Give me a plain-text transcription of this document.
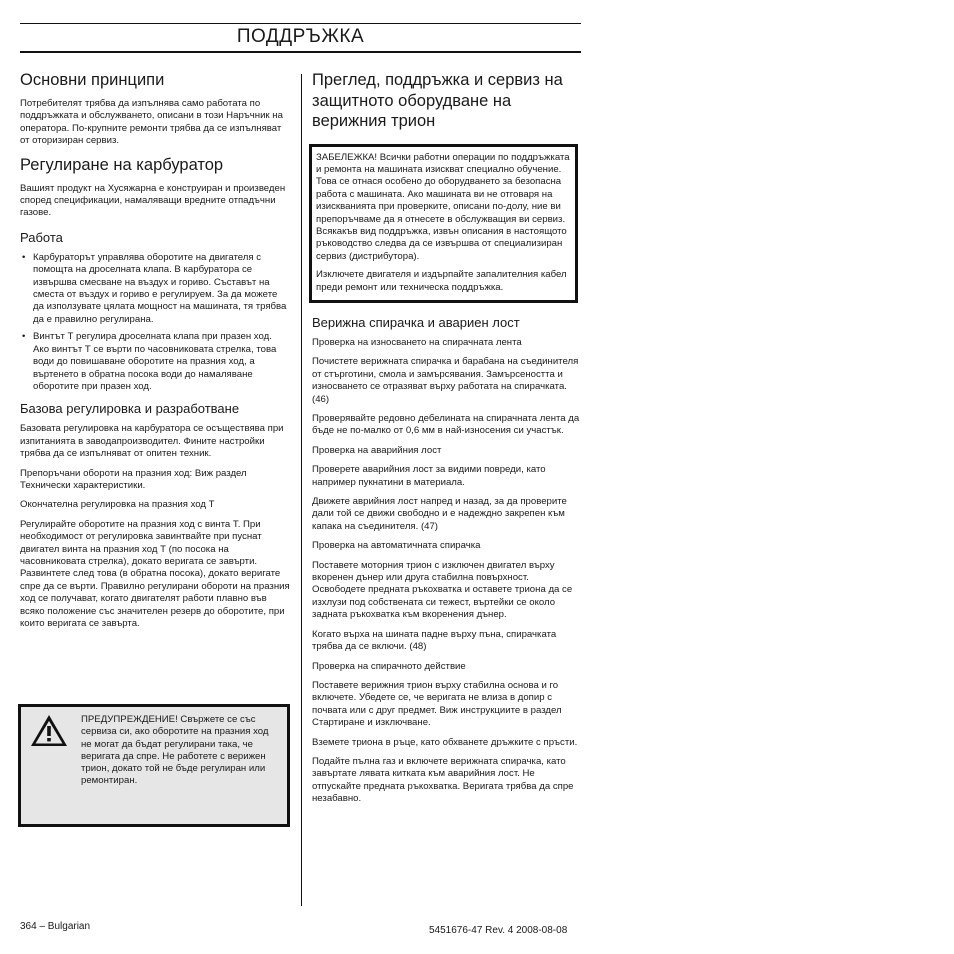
ПОДДРЪЖКА
Основни принципи

Потребителят трябва да изпълнява само работата по поддръжката и обслужването, описани в този Наръчник на оператора. По-крупните ремонти трябва да се изпълняват от оторизиран сервиз.

Регулиране на карбуратор

Вашият продукт на Хусяжарна е конструиран и произведен според спецификации, намаляващи вредните отпадъчни газове.

Работа
• Карбураторът управлява оборотите на двигателя с помощта на дроселната клапа. В карбуратора се извършва смесване на въздух и гориво. Съставът на сместа от въздух и гориво е регулируем. За да можете да използувате цялата мощност на машината, тя трябва да е правилно регулирана.
• Винтът Т регулира дроселната клапа при празен ход. Ако винтът Т се върти по часовниковата стрелка, това води до повишаване оборотите на празния ход, а въртенето в обратна посока води до намаляване оборотите при празен ход.
Базова регулировка и разработване

Базовата регулировка на карбуратора се осъществява при изпитанията в заводапроизводител. Фините настройки трябва да се изпълняват от опитен техник.

Препоръчани обороти на празния ход: Виж раздел Технически характеристики.

Окончателна регулировка на празния ход Т

Регулирайте оборотите на празния ход с винта Т. При необходимост от регулировка завинтвайте при пуснат двигател винта на празния ход Т (по посока на часовниковата стрелка), докато веригата се завърти. Развинтете след това (в обратна посока), докато веригате спре да се върти. Правилно регулирани обороти на празния ход се получават, когато двигателят работи плавно във всяко положение със значителен резерв до оборотите, при които веригата се завърта.

ПРЕДУПРЕЖДЕНИЕ! Свържете се със сервиза си, ако оборотите на празния ход не могат да бъдат регулирани така, че веригата да спре. Не работете с верижен трион, докато той не бъде регулиран или ремонтиран.
Преглед, поддръжка и сервиз на защитното оборудване на верижния трион

ЗАБЕЛЕЖКА! Всички работни операции по поддръжката и ремонта на машината изискват специално обучение. Това се отнася особено до оборудването за безопасна работа с машината. Ако машината ви не отговаря на изискванията при проверките, описани по-долу, ние ви препоръчваме да я отнесете в обслужващия ви сервиз. Всякакъв вид поддръжка, извън описания в настоящото ръководство следва да се извършва от специализиран сервиз (дистрибутора).

Изключете двигателя и издърпайте запалителния кабел преди ремонт или техническа поддръжка.

Верижна спирачка и авариен лост

Проверка на износването на спирачната лента

Почистете верижната спирачка и барабана на съединителя от стърготини, смола и замърсявания. Замърсеността и износването се отразяват върху работата на спирачката. (46)

Проверявайте редовно дебелината на спирачната лента да бъде не по-малко от 0,6 мм в най-износения си участък.

Проверка на аварийния лост

Проверете аварийния лост за видими повреди, като например пукнатини в материала.

Движете аврийния лост напред и назад, за да проверите дали той се движи свободно и е надеждно закрепен към капака на съединителя. (47)

Проверка на автоматичната спирачка

Поставете моторния трион с изключен двигател върху вкоренен дънер или друга стабилна повърхност. Освободете предната ръкохватка и оставете триона да се изхлузи под собствената си тежест, въртейки се около задната ръкохватка към вкоренения дънер.

Когато върха на шината падне върху пъна, спирачката трябва да се включи. (48)

Проверка на спирачното действие

Поставете верижния трион върху стабилна основа и го включете. Убедете се, че веригата не влиза в допир с почвата или с друг предмет. Виж инструкциите в раздел Стартиране и изключване.

Вземете триона в ръце, като обхванете дръжките с пръсти.

Подайте пълна газ и включете верижната спирачка, като завъртате лявата китката към аварийния лост. Не отпускайте предната ръкохватка. Веригата трябва да спре незабавно.

364 – Bulgarian	5451676-47 Rev. 4 2008-08-08
